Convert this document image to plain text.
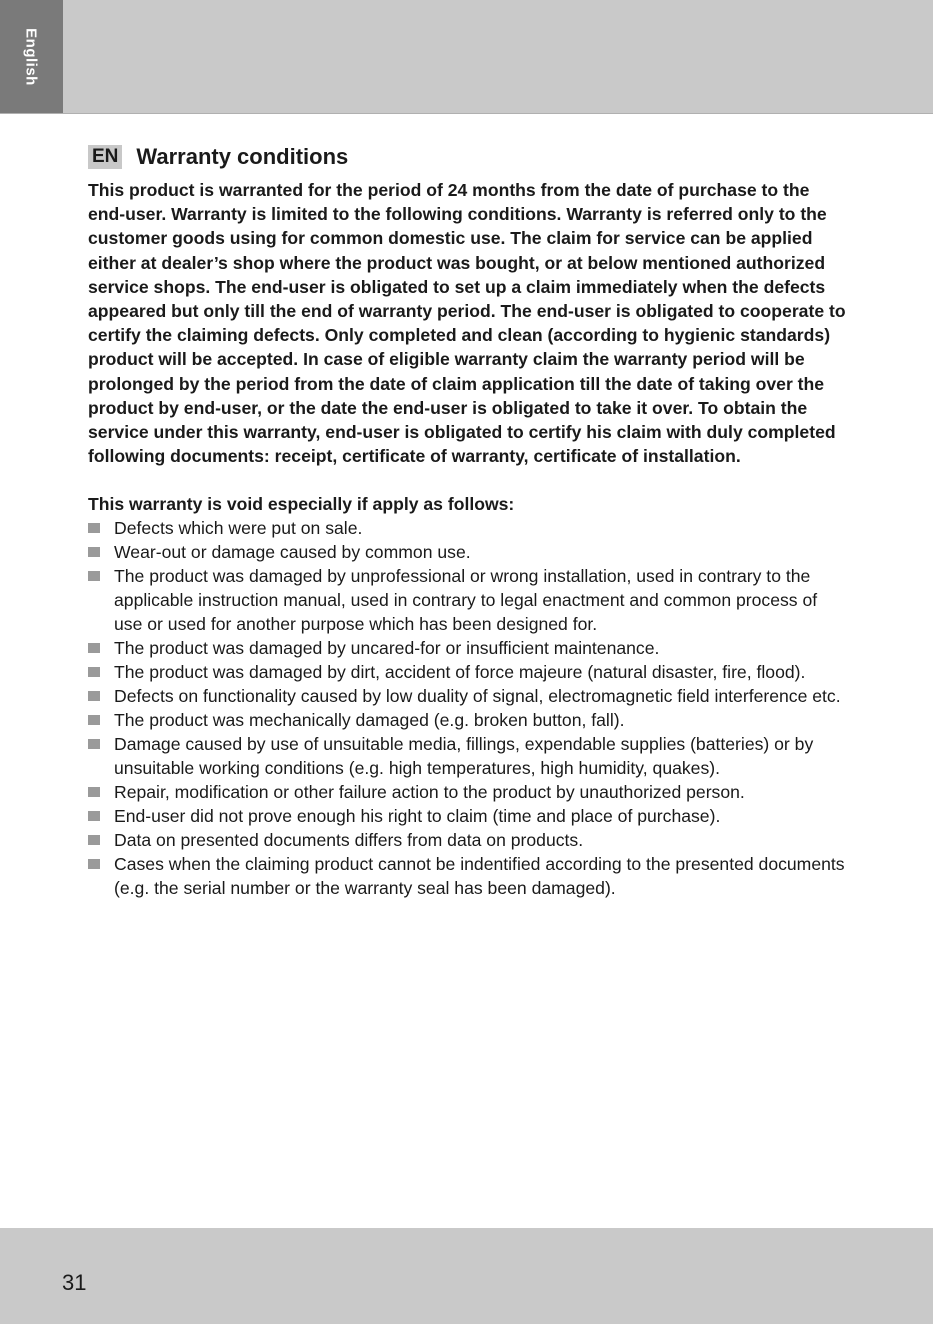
English
EN Warranty conditions

This product is warranted for the period of 24 months from the date of purchase to the end-user. Warranty is limited to the following conditions. Warranty is referred only to the customer goods using for common domestic use. The claim for service can be applied either at dealer’s shop where the product was bought, or at below mentioned authorized service shops. The end-user is obligated to set up a claim immediately when the defects appeared but only till the end of warranty period. The end-user is obligated to cooperate to certify the claiming defects. Only completed and clean (according to hygienic standards) product will be accepted. In case of eligible warranty claim the warranty period will be prolonged by the period from the date of claim application till the date of taking over the product by end-user, or the date the end-user is obligated to take it over. To obtain the service under this warranty, end-user is obligated to certify his claim with duly completed following documents: receipt, certificate of warranty, certificate of installation.

This warranty is void especially if apply as follows:

Defects which were put on sale.
Wear-out or damage caused by common use.
The product was damaged by unprofessional or wrong installation, used in contrary to the applicable instruction manual, used in contrary to legal enactment and common process of use or used for another purpose which has been designed for.
The product was damaged by uncared-for or insufficient maintenance.
The product was damaged by dirt, accident of force majeure (natural disaster, fire, flood).
Defects on functionality caused by low duality of signal, electromagnetic field interference etc.
The product was mechanically damaged (e.g. broken button, fall).
Damage caused by use of unsuitable media, fillings, expendable supplies (batteries) or by unsuitable working conditions (e.g. high temperatures, high humidity, quakes).
Repair, modification or other failure action to the product by unauthorized person.
End-user did not prove enough his right to claim (time and place of purchase).
Data on presented documents differs from data on products.
Cases when the claiming product cannot be indentified according to the presented documents (e.g. the serial number or the warranty seal has been damaged).
31
